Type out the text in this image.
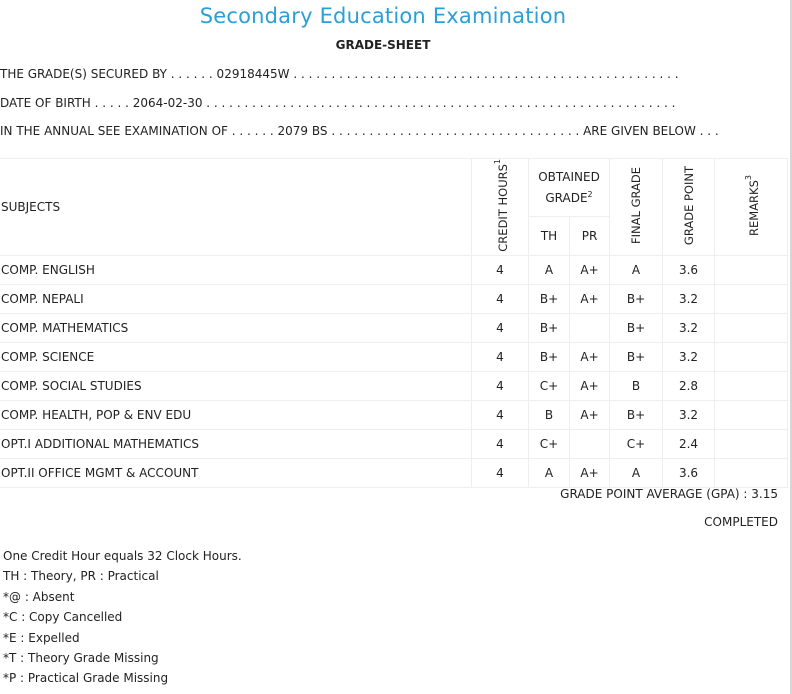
Secondary Education Examination
GRADE-SHEET
THE GRADE(S) SECURED BY . . . . . . 02918445W . . . . . . . . . . . . . . . . . . . . . . . . . . . . . . . . . . . . . . . . . . . . . . . . . . .
DATE OF BIRTH . . . . . 2064-02-30 . . . . . . . . . . . . . . . . . . . . . . . . . . . . . . . . . . . . . . . . . . . . . . . . . . . . . . . . . . . . . .
IN THE ANNUAL SEE EXAMINATION OF . . . . . . 2079 BS . . . . . . . . . . . . . . . . . . . . . . . . . . . . . . . . . ARE GIVEN BELOW . . .
SUBJECTS	CREDIT HOURS$^1$	OBTAINED GRADE$^2$		FINAL GRADE	GRADE POINT	REMARKS$^3$
		TH	PR			
COMP. ENGLISH	4	A	A+	A	3.6	
COMP. NEPALI	4	B+	A+	B+	3.2	
COMP. MATHEMATICS	4	B+		B+	3.2	
COMP. SCIENCE	4	B+	A+	B+	3.2	
COMP. SOCIAL STUDIES	4	C+	A+	B	2.8	
COMP. HEALTH, POP & ENV EDU	4	B	A+	B+	3.2	
OPT.I ADDITIONAL MATHEMATICS	4	C+		C+	2.4	
OPT.II OFFICE MGMT & ACCOUNT	4	A	A+	A	3.6	
GRADE POINT AVERAGE (GPA) : 3.15
COMPLETED
One Credit Hour equals 32 Clock Hours.
TH : Theory, PR : Practical
*@ : Absent
*C : Copy Cancelled
*E : Expelled
*T : Theory Grade Missing
*P : Practical Grade Missing
